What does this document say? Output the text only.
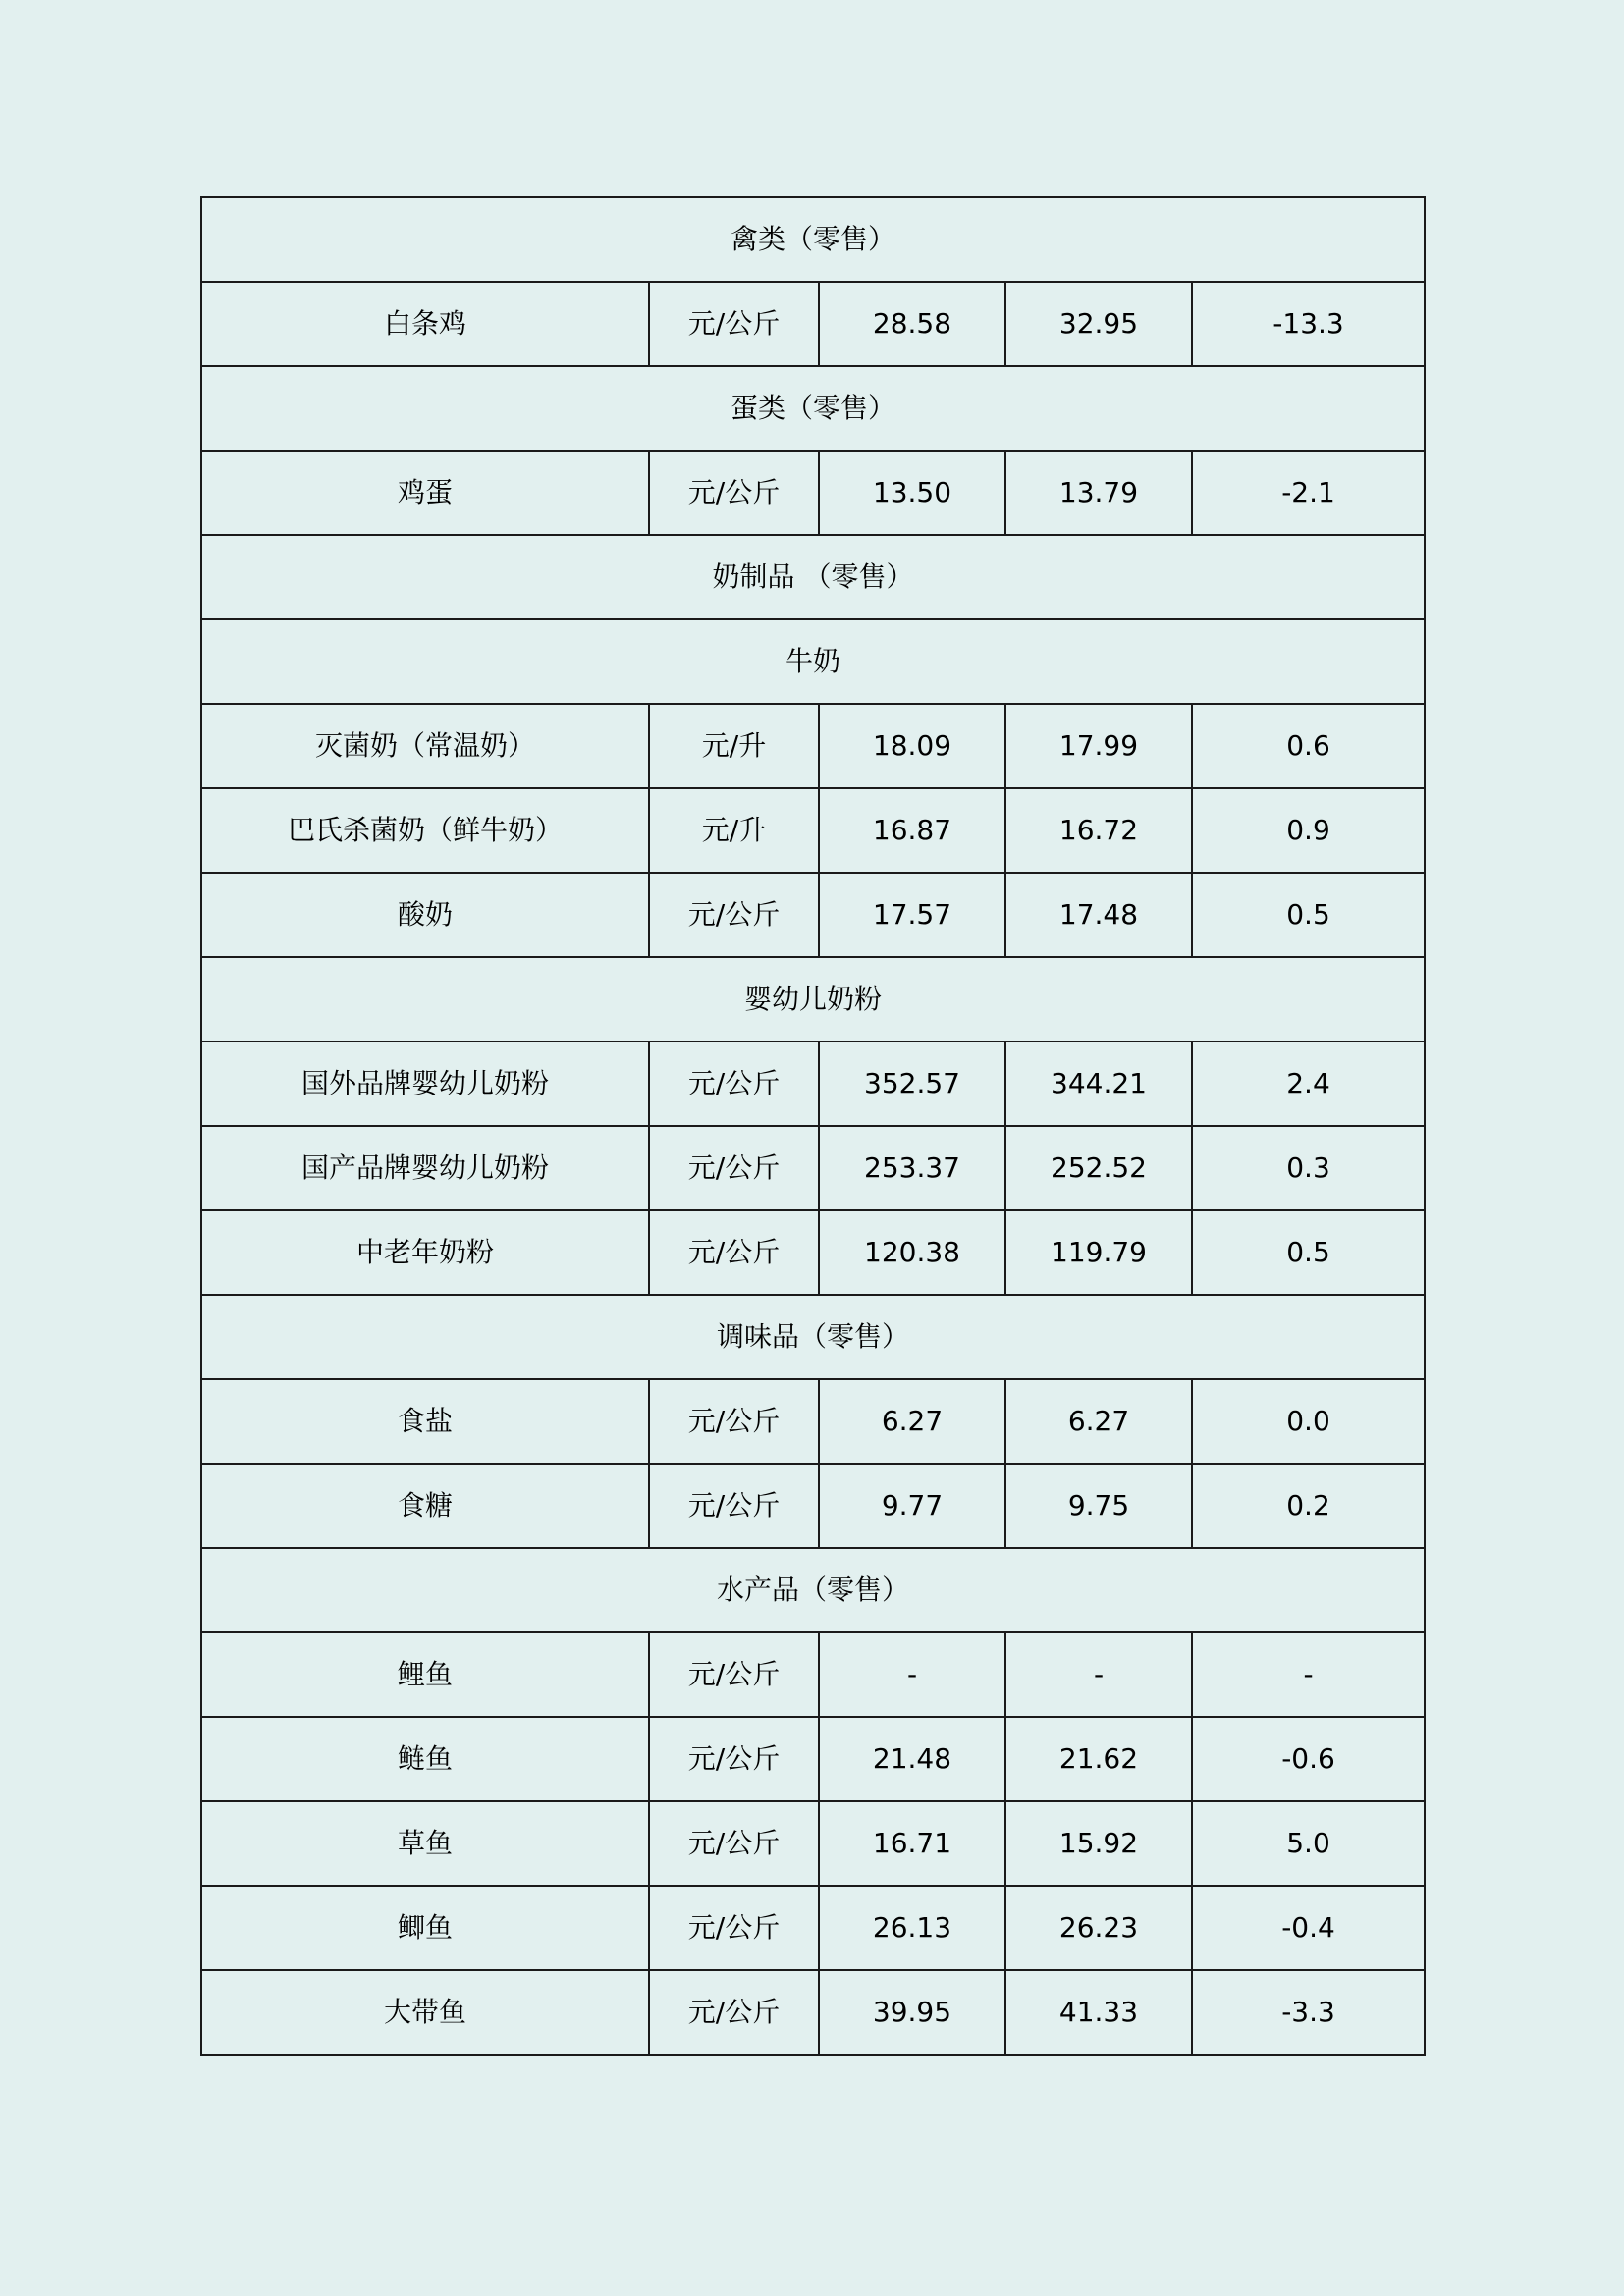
禽类（零售）				
白条鸡	元/公斤	28.58	32.95	-13.3
蛋类（零售）				
鸡蛋	元/公斤	13.50	13.79	-2.1
奶制品 （零售）				
牛奶				
灭菌奶（常温奶）	元/升	18.09	17.99	0.6
巴氏杀菌奶（鲜牛奶）	元/升	16.87	16.72	0.9
酸奶	元/公斤	17.57	17.48	0.5
婴幼儿奶粉				
国外品牌婴幼儿奶粉	元/公斤	352.57	344.21	2.4
国产品牌婴幼儿奶粉	元/公斤	253.37	252.52	0.3
中老年奶粉	元/公斤	120.38	119.79	0.5
调味品（零售）				
食盐	元/公斤	6.27	6.27	0.0
食糖	元/公斤	9.77	9.75	0.2
水产品（零售）				
鲤鱼	元/公斤	-	-	-
鲢鱼	元/公斤	21.48	21.62	-0.6
草鱼	元/公斤	16.71	15.92	5.0
鲫鱼	元/公斤	26.13	26.23	-0.4
大带鱼	元/公斤	39.95	41.33	-3.3
